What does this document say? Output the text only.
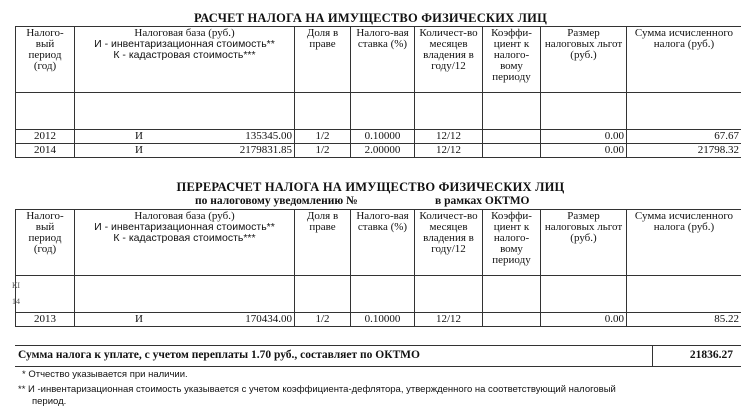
РАСЧЕТ НАЛОГА НА ИМУЩЕСТВО ФИЗИЧЕСКИХ ЛИЦ
Налого-вый период (год)	Налоговая база (руб.)
И - инвентаризационная стоимость**
К - кадастровая стоимость***	Доля в праве	Налого-вая ставка (%)	Количест-во месяцев владения в году/12	Коэффи-циент к налого-вому периоду	Размер налоговых льгот (руб.)	Сумма исчисленного налога (руб.)

2012	И 135345.00	1/2	0.10000	12/12		0.00	67.67
2014	И 2179831.85	1/2	2.00000	12/12		0.00	21798.32
ПЕРЕРАСЧЕТ НАЛОГА НА ИМУЩЕСТВО ФИЗИЧЕСКИХ ЛИЦ
по налоговому уведомлению №	в рамках ОКТМО
Налого-вый период (год)	Налоговая база (руб.)
И - инвентаризационная стоимость**
К - кадастровая стоимость***	Доля в праве	Налого-вая ставка (%)	Количест-во месяцев владения в году/12	Коэффи-циент к налого-вому периоду	Размер налоговых льгот (руб.)	Сумма исчисленного налога (руб.)

2013	И 170434.00	1/2	0.10000	12/12		0.00	85.22
КІ
14
Сумма налога к уплате, с учетом переплаты 1.70 руб., составляет по ОКТМО	21836.27
* Отчество указывается при наличии.
** И -инвентаризационная стоимость указывается с учетом коэффициента-дефлятора, утвержденного на соответствующий налоговый
период.
